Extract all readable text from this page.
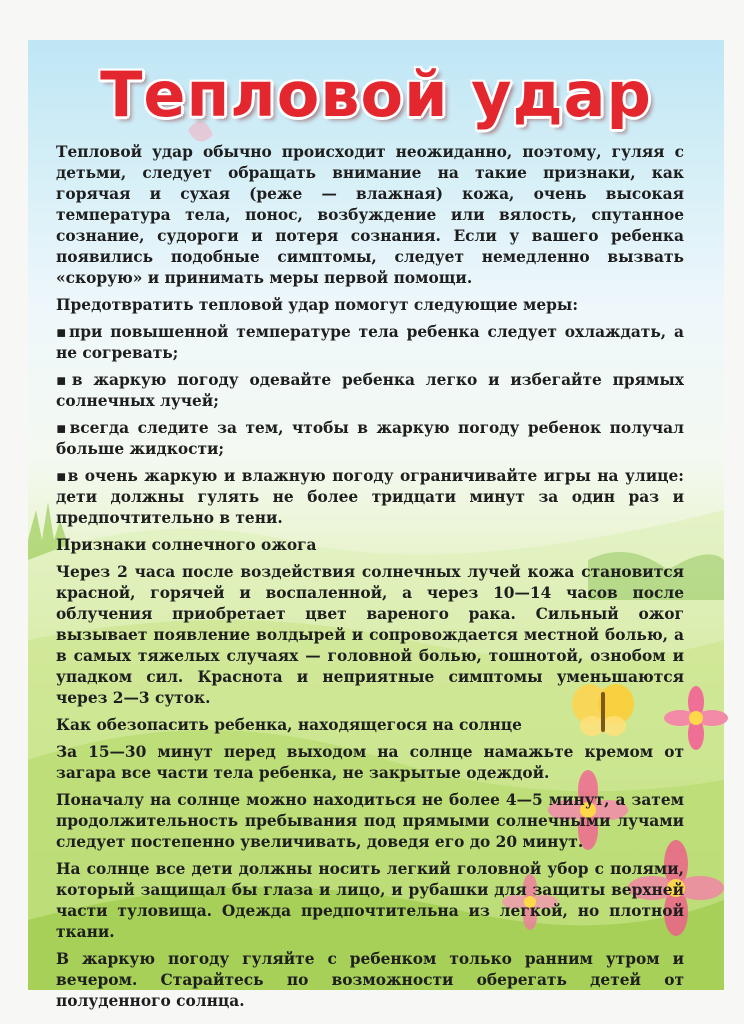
Тепловой удар

Тепловой удар обычно происходит неожиданно, поэтому, гуляя с детьми, следует обращать внимание на такие признаки, как горячая и сухая (реже — влажная) кожа, очень высокая температура тела, понос, возбуждение или вялость, спутанное сознание, судороги и потеря сознания. Если у вашего ребенка появились подобные симптомы, следует немедленно вызвать «скорую» и принимать меры первой помощи.

Предотвратить тепловой удар помогут следующие меры:

▪при повышенной температуре тела ребенка следует охлаждать, а не согревать;

▪в жаркую погоду одевайте ребенка легко и избегайте прямых солнечных лучей;

▪всегда следите за тем, чтобы в жаркую погоду ребенок получал больше жидкости;

▪в очень жаркую и влажную погоду ограничивайте игры на улице: дети должны гулять не более тридцати минут за один раз и предпочтительно в тени.

Признаки солнечного ожога

Через 2 часа после воздействия солнечных лучей кожа становится красной, горячей и воспаленной, а через 10—14 часов после облучения приобретает цвет вареного рака. Сильный ожог вызывает появление волдырей и сопровождается местной болью, а в самых тяжелых случаях — головной болью, тошнотой, ознобом и упадком сил. Краснота и неприятные симптомы уменьшаются через 2—3 суток.

Как обезопасить ребенка, находящегося на солнце

За 15—30 минут перед выходом на солнце намажьте кремом от загара все части тела ребенка, не закрытые одеждой.

Поначалу на солнце можно находиться не более 4—5 минут, а затем продолжительность пребывания под прямыми солнечными лучами следует постепенно увеличивать, доведя его до 20 минут.

На солнце все дети должны носить легкий головной убор с полями, который защищал бы глаза и лицо, и рубашки для защиты верхней части туловища. Одежда предпочтительна из легкой, но плотной ткани.

В жаркую погоду гуляйте с ребенком только ранним утром и вечером. Старайтесь по возможности оберегать детей от полуденного солнца.
